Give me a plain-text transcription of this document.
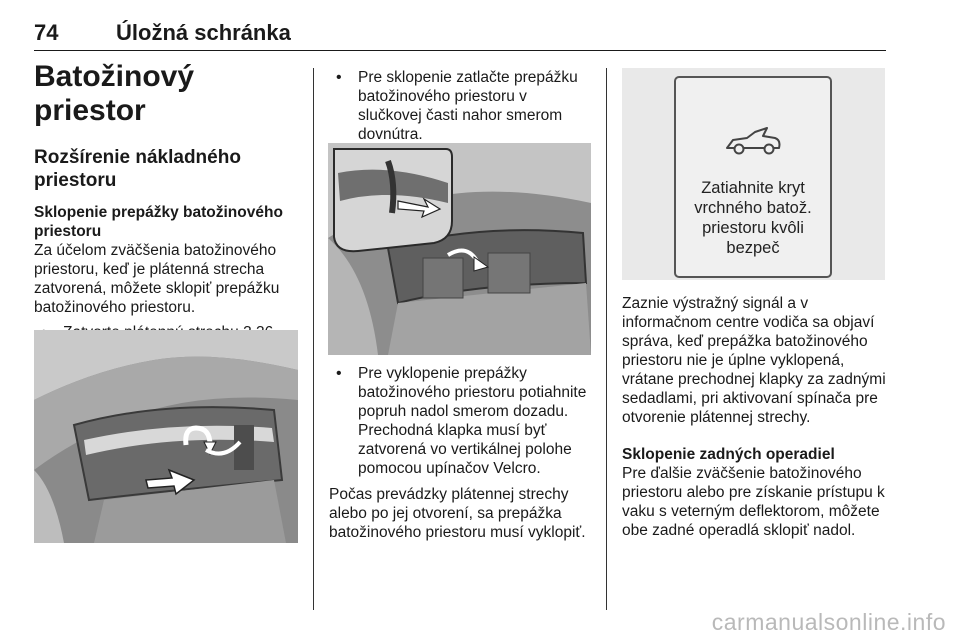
74	Úložná schránka
Batožinový priestor
Rozšírenie nákladného priestoru
Sklopenie prepážky batožinového priestoru

Za účelom zväčšenia batožinového priestoru, keď je plátenná strecha zatvorená, môžete sklopiť prepážku batožinového priestoru.

•
•
• Pre sklopenie zatlačte prepážku batožinového priestoru v slučkovej časti nahor smerom dovnútra.
• Pre vyklopenie prepážky batožinového priestoru potiahnite popruh nadol smerom dozadu. Prechodná klapka musí byť zatvorená vo vertikálnej polohe pomocou upínačov Velcro.

Počas prevádzky plátennej strechy alebo po jej otvorení, sa prepážka batožinového priestoru musí vyklopiť.

Zatiahnite kryt vrchného batož. priestoru kvôli bezpeč

Zaznie výstražný signál a v informačnom centre vodiča sa objaví správa, keď prepážka batožinového priestoru nie je úplne vyklopená, vrátane prechodnej klapky za zadnými sedadlami, pri aktivovaní spínača pre otvorenie plátennej strechy.

Sklopenie zadných operadiel

Pre ďalšie zväčšenie batožinového priestoru alebo pre získanie prístupu k vaku s veterným deflektorom, môžete obe zadné operadlá sklopiť nadol.

carmanualsonline.info
